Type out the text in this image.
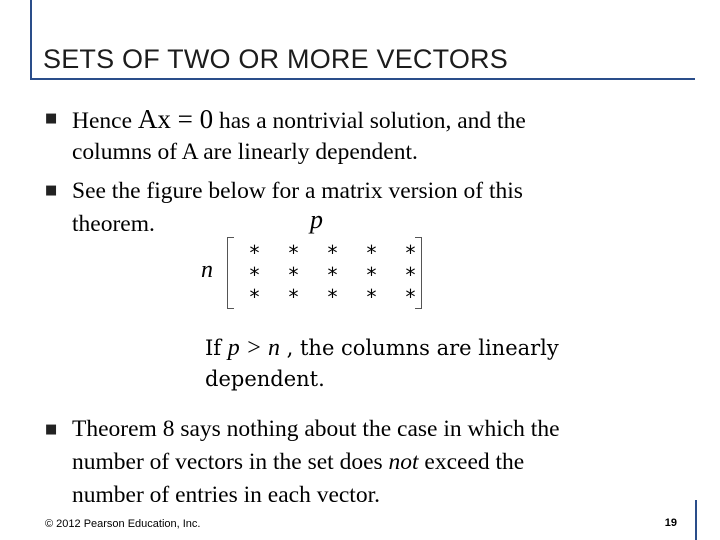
SETS OF TWO OR MORE VECTORS
■ Hence Ax = 0 has a nontrivial solution, and the
columns of A are linearly dependent.
■ See the figure below for a matrix version of this
theorem.	p
n
*	*	*	*	*
*	*	*	*	*
*	*	*	*	*
If p > n , the columns are linearly
dependent.
■ Theorem 8 says nothing about the case in which the
number of vectors in the set does not exceed the
number of entries in each vector.
© 2012 Pearson Education, Inc.	19
